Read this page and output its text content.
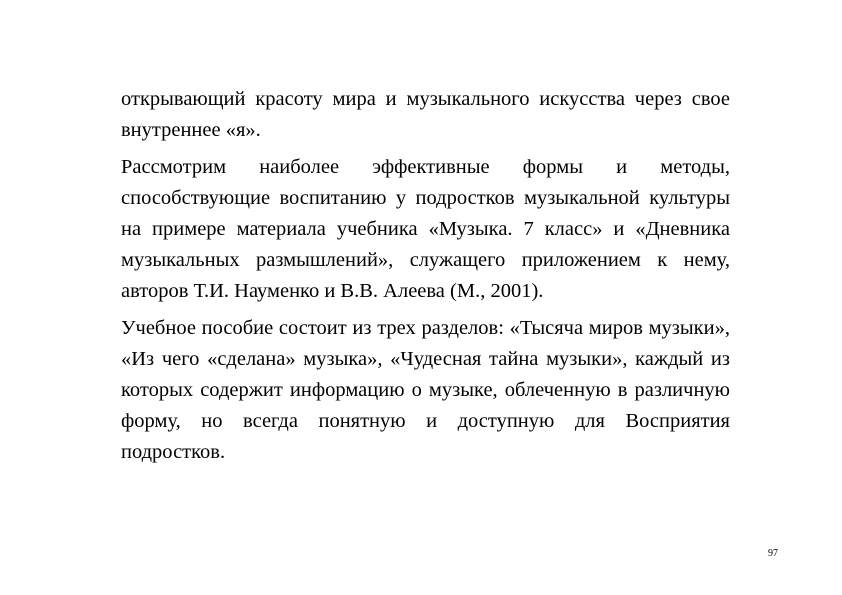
открывающий красоту мира и музыкального искусства через свое внутреннее «я».

Рассмотрим наиболее эффективные формы и методы, способствующие воспитанию у подростков музыкальной культуры на примере материала учебника «Музыка. 7 класс» и «Дневника музыкальных размышлений», служащего приложением к нему, авторов Т.И. Науменко и В.В. Алеева (М., 2001).

Учебное пособие состоит из трех разделов: «Тысяча миров музыки», «Из чего «сделана» музыка», «Чудесная тайна музыки», каждый из которых содержит информацию о музыке, облеченную в различную форму, но всегда понятную и доступную для Восприятия подростков.

97
